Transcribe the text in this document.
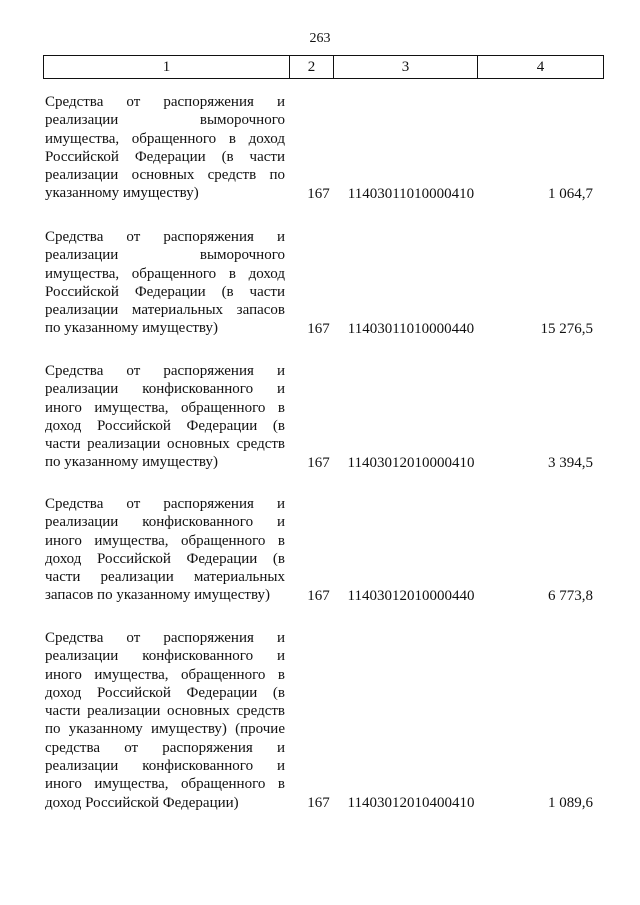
263
1	2	3	4
Средства от распоряжения и
реализации выморочного
имущества, обращенного в доход
Российской Федерации (в части
реализации основных средств по
указанному имуществу)	167	11403011010000410	1 064,7
Средства от распоряжения и
реализации выморочного
имущества, обращенного в доход
Российской Федерации (в части
реализации материальных запасов
по указанному имуществу)	167	11403011010000440	15 276,5
Средства от распоряжения и
реализации конфискованного и
иного имущества, обращенного в
доход Российской Федерации (в
части реализации основных средств
по указанному имуществу)	167	11403012010000410	3 394,5
Средства от распоряжения и
реализации конфискованного и
иного имущества, обращенного в
доход Российской Федерации (в
части реализации материальных
запасов по указанному имуществу)	167	11403012010000440	6 773,8
Средства от распоряжения и
реализации конфискованного и
иного имущества, обращенного в
доход Российской Федерации (в
части реализации основных средств
по указанному имуществу) (прочие
средства от распоряжения и
реализации конфискованного и
иного имущества, обращенного в
доход Российской Федерации)	167	11403012010400410	1 089,6
